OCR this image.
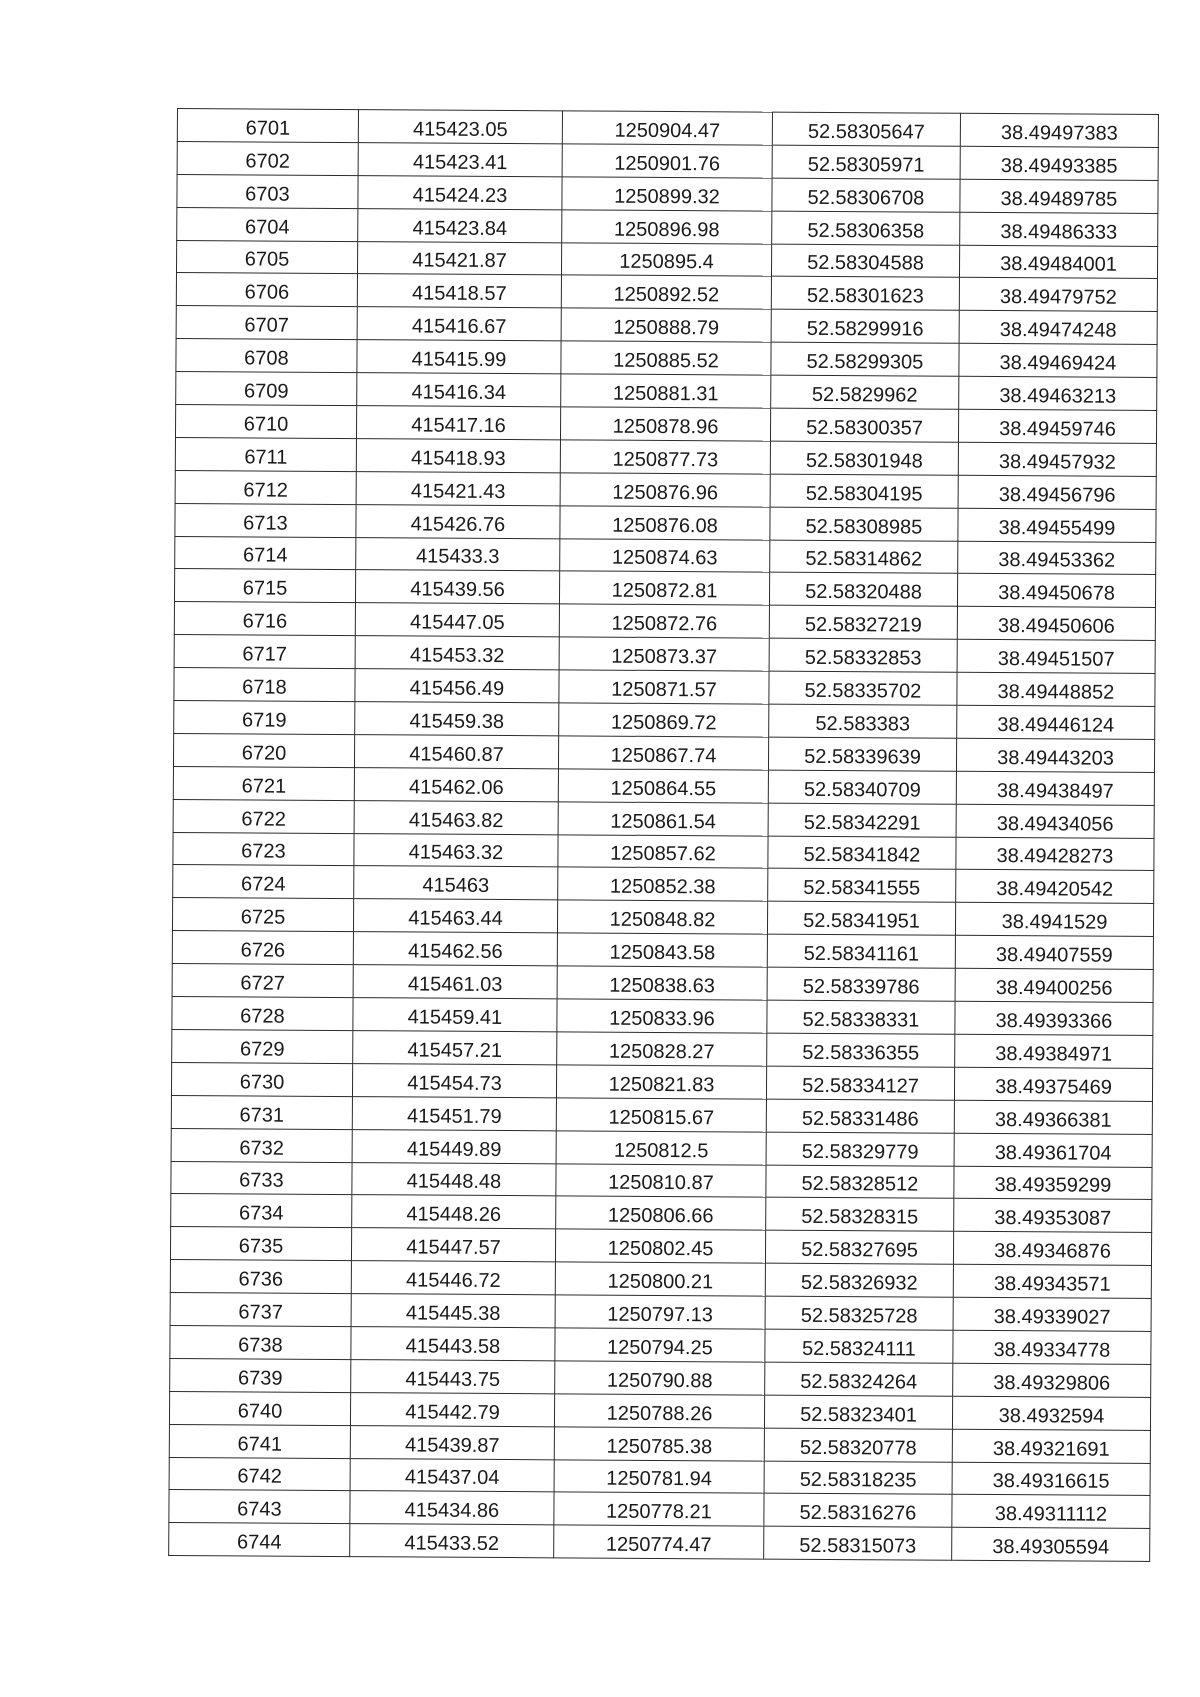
6701	415423.05	1250904.47	52.58305647	38.49497383
6702	415423.41	1250901.76	52.58305971	38.49493385
6703	415424.23	1250899.32	52.58306708	38.49489785
6704	415423.84	1250896.98	52.58306358	38.49486333
6705	415421.87	1250895.4	52.58304588	38.49484001
6706	415418.57	1250892.52	52.58301623	38.49479752
6707	415416.67	1250888.79	52.58299916	38.49474248
6708	415415.99	1250885.52	52.58299305	38.49469424
6709	415416.34	1250881.31	52.5829962	38.49463213
6710	415417.16	1250878.96	52.58300357	38.49459746
6711	415418.93	1250877.73	52.58301948	38.49457932
6712	415421.43	1250876.96	52.58304195	38.49456796
6713	415426.76	1250876.08	52.58308985	38.49455499
6714	415433.3	1250874.63	52.58314862	38.49453362
6715	415439.56	1250872.81	52.58320488	38.49450678
6716	415447.05	1250872.76	52.58327219	38.49450606
6717	415453.32	1250873.37	52.58332853	38.49451507
6718	415456.49	1250871.57	52.58335702	38.49448852
6719	415459.38	1250869.72	52.583383	38.49446124
6720	415460.87	1250867.74	52.58339639	38.49443203
6721	415462.06	1250864.55	52.58340709	38.49438497
6722	415463.82	1250861.54	52.58342291	38.49434056
6723	415463.32	1250857.62	52.58341842	38.49428273
6724	415463	1250852.38	52.58341555	38.49420542
6725	415463.44	1250848.82	52.58341951	38.4941529
6726	415462.56	1250843.58	52.58341161	38.49407559
6727	415461.03	1250838.63	52.58339786	38.49400256
6728	415459.41	1250833.96	52.58338331	38.49393366
6729	415457.21	1250828.27	52.58336355	38.49384971
6730	415454.73	1250821.83	52.58334127	38.49375469
6731	415451.79	1250815.67	52.58331486	38.49366381
6732	415449.89	1250812.5	52.58329779	38.49361704
6733	415448.48	1250810.87	52.58328512	38.49359299
6734	415448.26	1250806.66	52.58328315	38.49353087
6735	415447.57	1250802.45	52.58327695	38.49346876
6736	415446.72	1250800.21	52.58326932	38.49343571
6737	415445.38	1250797.13	52.58325728	38.49339027
6738	415443.58	1250794.25	52.58324111	38.49334778
6739	415443.75	1250790.88	52.58324264	38.49329806
6740	415442.79	1250788.26	52.58323401	38.4932594
6741	415439.87	1250785.38	52.58320778	38.49321691
6742	415437.04	1250781.94	52.58318235	38.49316615
6743	415434.86	1250778.21	52.58316276	38.49311112
6744	415433.52	1250774.47	52.58315073	38.49305594
